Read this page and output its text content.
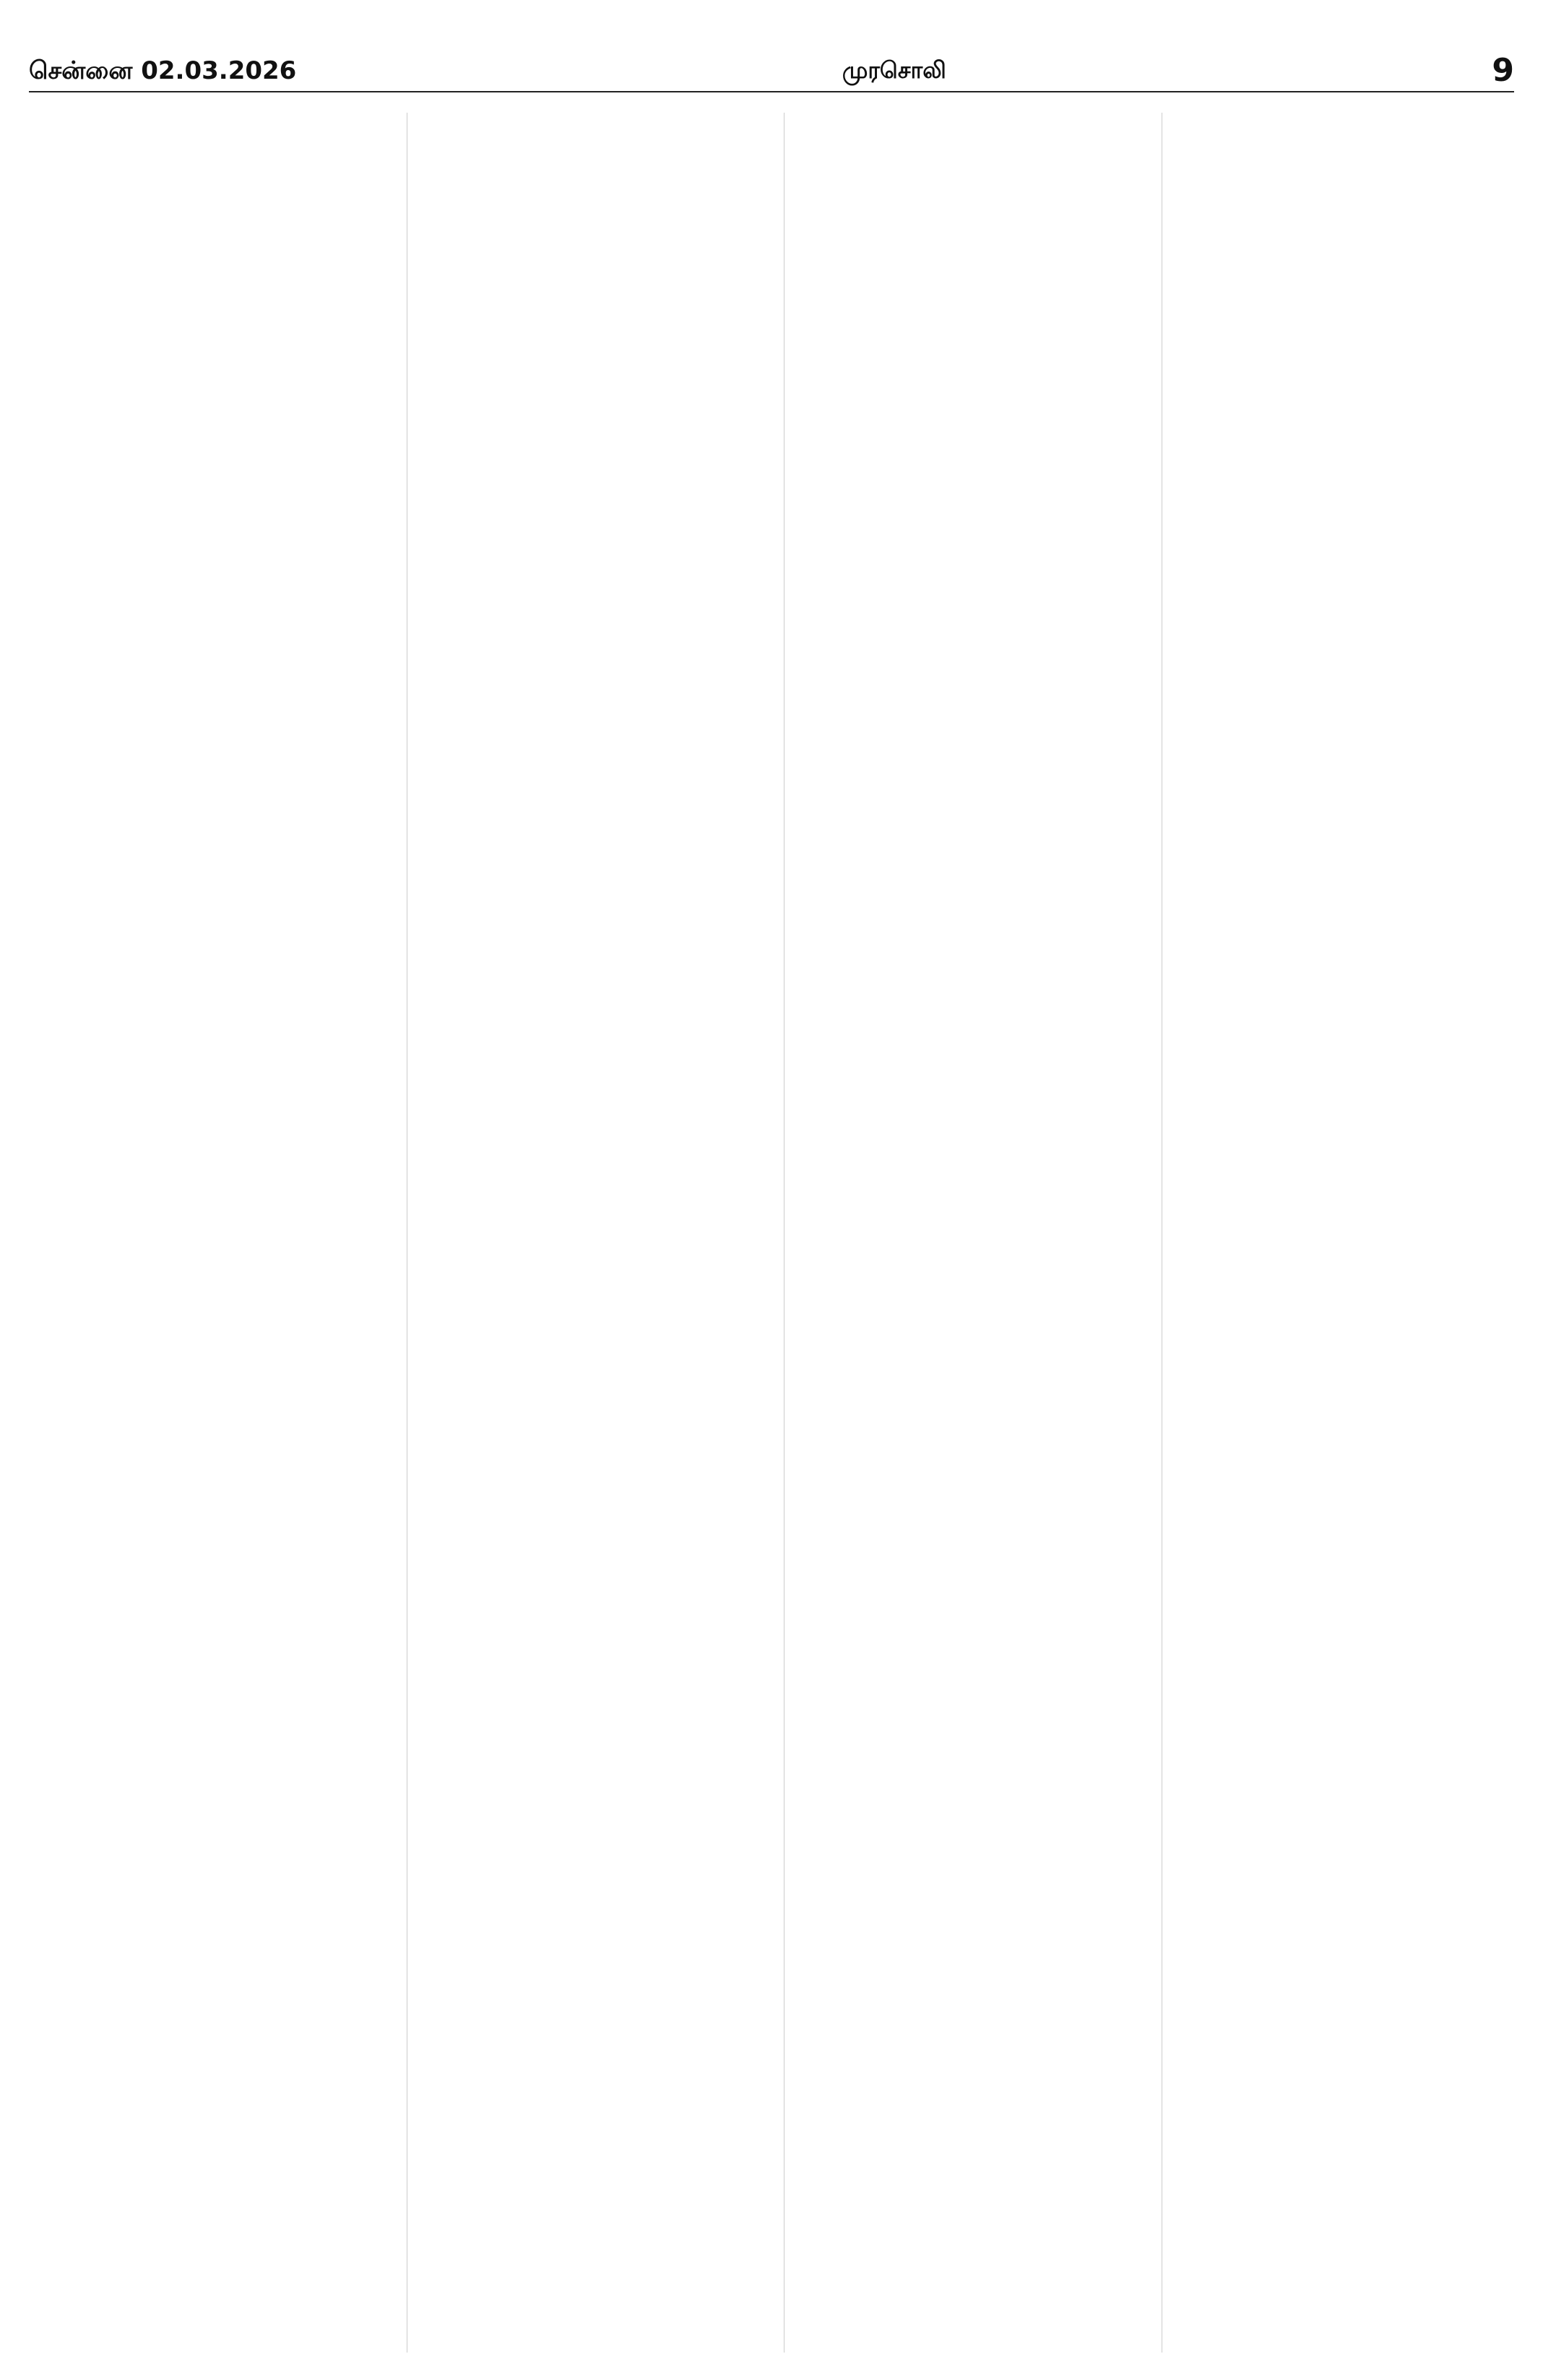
சென்னை 02.03.2026	முரசொலி	9
